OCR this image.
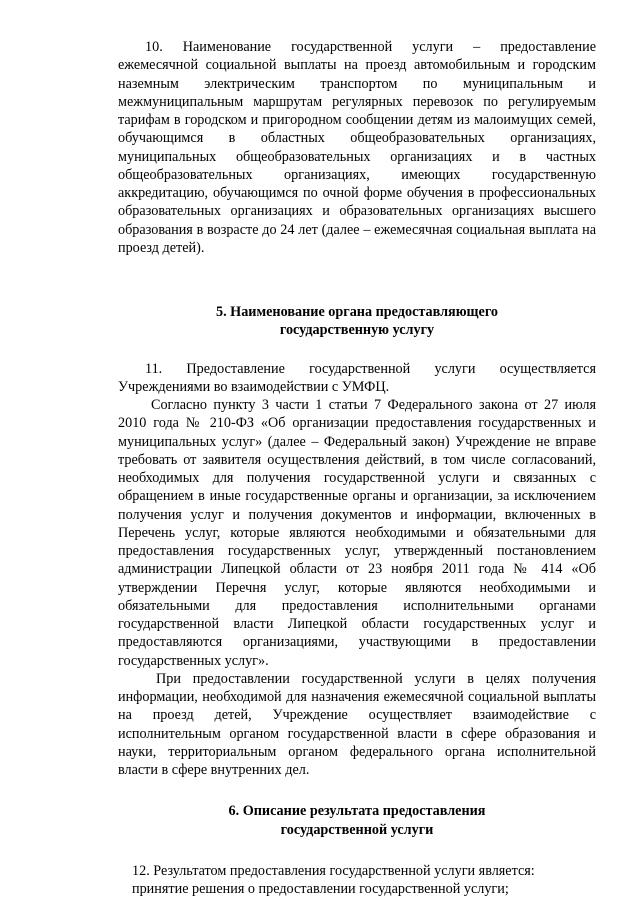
10. Наименование государственной услуги – предоставление ежемесячной социальной выплаты на проезд автомобильным и городским наземным электрическим транспортом по муниципальным и межмуниципальным маршрутам регулярных перевозок по регулируемым тарифам в городском и пригородном сообщении детям из малоимущих семей, обучающимся в областных общеобразовательных организациях, муниципальных общеобразовательных организациях и в частных общеобразовательных организациях, имеющих государственную аккредитацию, обучающимся по очной форме обучения в профессиональных образовательных организациях и образовательных организациях высшего образования в возрасте до 24 лет (далее – ежемесячная социальная выплата на проезд детей).

5. Наименование органа предоставляющего
государственную услугу

11. Предоставление государственной услуги осуществляется Учреждениями во взаимодействии с УМФЦ.

Согласно пункту 3 части 1 статьи 7 Федерального закона от 27 июля 2010 года № 210-ФЗ «Об организации предоставления государственных и муниципальных услуг» (далее – Федеральный закон) Учреждение не вправе требовать от заявителя осуществления действий, в том числе согласований, необходимых для получения государственной услуги и связанных с обращением в иные государственные органы и организации, за исключением получения услуг и получения документов и информации, включенных в Перечень услуг, которые являются необходимыми и обязательными для предоставления государственных услуг, утвержденный постановлением администрации Липецкой области от 23 ноября 2011 года № 414 «Об утверждении Перечня услуг, которые являются необходимыми и обязательными для предоставления исполнительными органами государственной власти Липецкой области государственных услуг и предоставляются организациями, участвующими в предоставлении государственных услуг».

При предоставлении государственной услуги в целях получения информации, необходимой для назначения ежемесячной социальной выплаты на проезд детей, Учреждение осуществляет взаимодействие с исполнительным органом государственной власти в сфере образования и науки, территориальным органом федерального органа исполнительной власти в сфере внутренних дел.

6. Описание результата предоставления
государственной услуги

12. Результатом предоставления государственной услуги является:

принятие решения о предоставлении государственной услуги;
